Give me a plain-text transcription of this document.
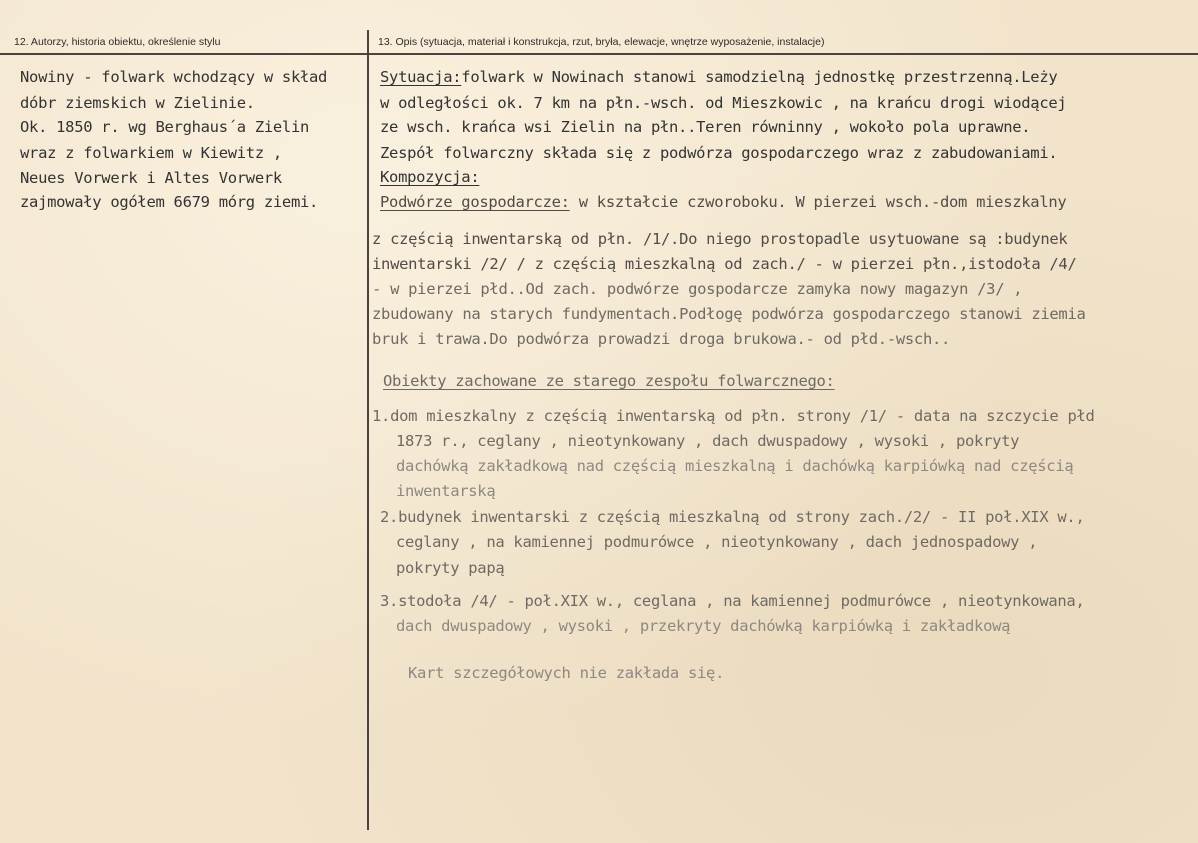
12. Autorzy, historia obiektu, określenie stylu	13. Opis (sytuacja, materiał i konstrukcja, rzut, bryła, elewacje, wnętrze wyposażenie, instalacje)
Nowiny - folwark wchodzący w skład
dóbr ziemskich w Zielinie.
Ok. 1850 r. wg Berghaus´a Zielin
wraz z folwarkiem w Kiewitz ,
Neues Vorwerk i Altes Vorwerk
zajmowały ogółem 6679 mórg ziemi.
Sytuacja:folwark w Nowinach stanowi samodzielną jednostkę przestrzenną.Leży
w odległości ok. 7 km na płn.-wsch. od Mieszkowic , na krańcu drogi wiodącej
ze wsch. krańca wsi Zielin na płn..Teren równinny , wokoło pola uprawne.
Zespół folwarczny składa się z podwórza gospodarczego wraz z zabudowaniami.
Kompozycja:
Podwórze gospodarcze: w kształcie czworoboku. W pierzei wsch.-dom mieszkalny
z częścią inwentarską od płn. /1/.Do niego prostopadle usytuowane są :budynek
inwentarski /2/ / z częścią mieszkalną od zach./ - w pierzei płn.,istodoła /4/
- w pierzei płd..Od zach. podwórze gospodarcze zamyka nowy magazyn /3/ ,
zbudowany na starych fundymentach.Podłogę podwórza gospodarczego stanowi ziemia
bruk i trawa.Do podwórza prowadzi droga brukowa.- od płd.-wsch..
Obiekty zachowane ze starego zespołu folwarcznego:
1.dom mieszkalny z częścią inwentarską od płn. strony /1/ - data na szczycie płd
1873 r., ceglany , nieotynkowany , dach dwuspadowy , wysoki , pokryty
dachówką zakładkową nad częścią mieszkalną i dachówką karpiówką nad częścią
inwentarską
2.budynek inwentarski z częścią mieszkalną od strony zach./2/ - II poł.XIX w.,
ceglany , na kamiennej podmurówce , nieotynkowany , dach jednospadowy ,
pokryty papą
3.stodoła /4/ - poł.XIX w., ceglana , na kamiennej podmurówce , nieotynkowana,
dach dwuspadowy , wysoki , przekryty dachówką karpiówką i zakładkową
Kart szczegółowych nie zakłada się.
